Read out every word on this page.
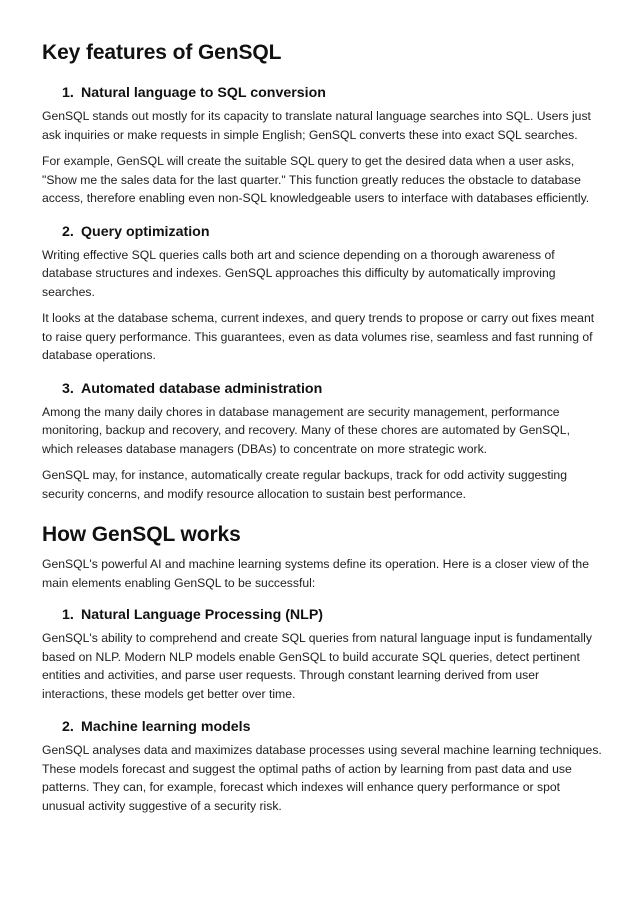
Key features of GenSQL
1. Natural language to SQL conversion

GenSQL stands out mostly for its capacity to translate natural language searches into SQL. Users just ask inquiries or make requests in simple English; GenSQL converts these into exact SQL searches.

For example, GenSQL will create the suitable SQL query to get the desired data when a user asks, "Show me the sales data for the last quarter." This function greatly reduces the obstacle to database access, therefore enabling even non-SQL knowledgeable users to interface with databases efficiently.

2. Query optimization

Writing effective SQL queries calls both art and science depending on a thorough awareness of database structures and indexes. GenSQL approaches this difficulty by automatically improving searches.

It looks at the database schema, current indexes, and query trends to propose or carry out fixes meant to raise query performance. This guarantees, even as data volumes rise, seamless and fast running of database operations.

3. Automated database administration

Among the many daily chores in database management are security management, performance monitoring, backup and recovery, and recovery. Many of these chores are automated by GenSQL, which releases database managers (DBAs) to concentrate on more strategic work.

GenSQL may, for instance, automatically create regular backups, track for odd activity suggesting security concerns, and modify resource allocation to sustain best performance.

How GenSQL works

GenSQL's powerful AI and machine learning systems define its operation. Here is a closer view of the main elements enabling GenSQL to be successful:

1. Natural Language Processing (NLP)

GenSQL's ability to comprehend and create SQL queries from natural language input is fundamentally based on NLP. Modern NLP models enable GenSQL to build accurate SQL queries, detect pertinent entities and activities, and parse user requests. Through constant learning derived from user interactions, these models get better over time.

2. Machine learning models

GenSQL analyses data and maximizes database processes using several machine learning techniques. These models forecast and suggest the optimal paths of action by learning from past data and use patterns. They can, for example, forecast which indexes will enhance query performance or spot unusual activity suggestive of a security risk.
